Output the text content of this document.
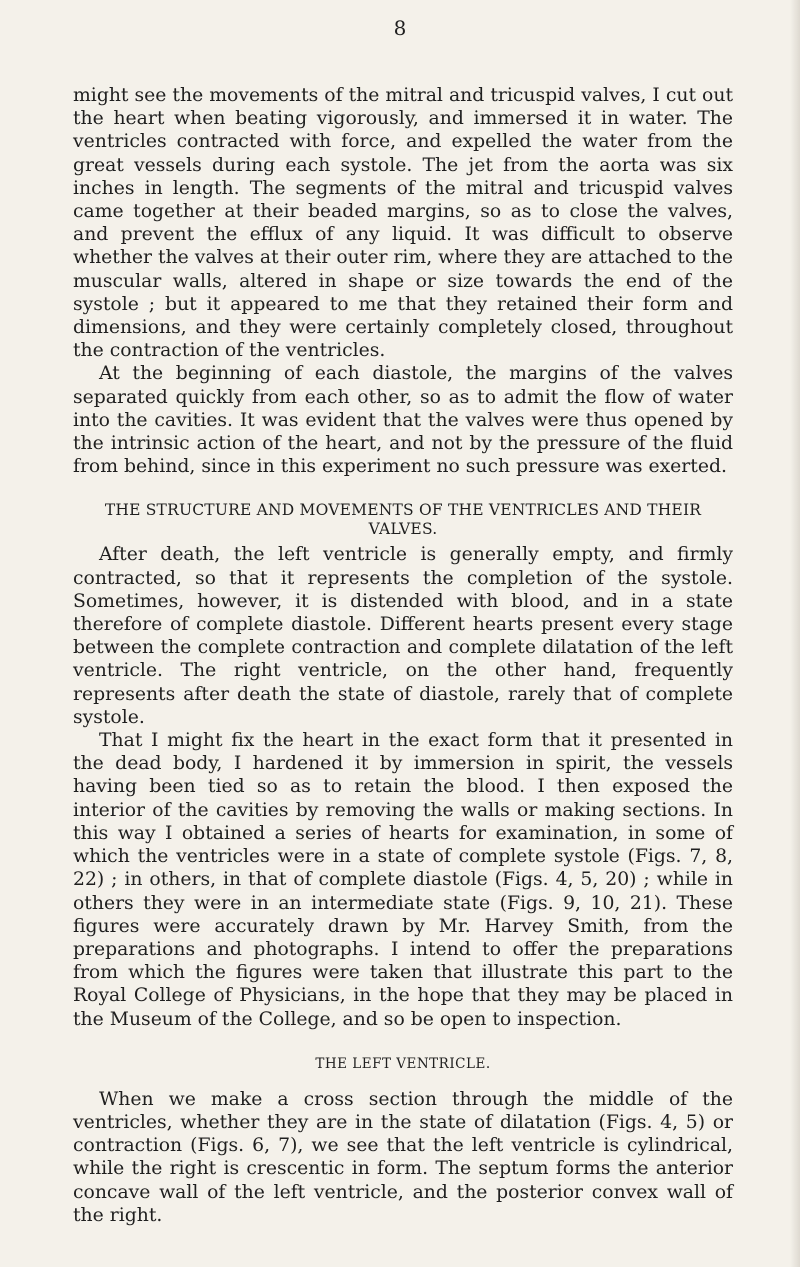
8

might see the movements of the mitral and tricuspid valves, I cut out the heart when beating vigorously, and immersed it in water. The ventricles contracted with force, and expelled the water from the great vessels during each systole. The jet from the aorta was six inches in length. The segments of the mitral and tricuspid valves came together at their beaded margins, so as to close the valves, and prevent the efflux of any liquid. It was difficult to observe whether the valves at their outer rim, where they are attached to the muscular walls, altered in shape or size towards the end of the systole ; but it appeared to me that they retained their form and dimensions, and they were certainly completely closed, throughout the contraction of the ventricles.

At the beginning of each diastole, the margins of the valves separated quickly from each other, so as to admit the flow of water into the cavities. It was evident that the valves were thus opened by the intrinsic action of the heart, and not by the pressure of the fluid from behind, since in this experiment no such pressure was exerted.

THE STRUCTURE AND MOVEMENTS OF THE VENTRICLES AND THEIR VALVES.

After death, the left ventricle is generally empty, and firmly contracted, so that it represents the completion of the systole. Sometimes, however, it is distended with blood, and in a state therefore of complete diastole. Different hearts present every stage between the complete contraction and complete dilatation of the left ventricle. The right ventricle, on the other hand, frequently represents after death the state of diastole, rarely that of complete systole.

That I might fix the heart in the exact form that it presented in the dead body, I hardened it by immersion in spirit, the vessels having been tied so as to retain the blood. I then exposed the interior of the cavities by removing the walls or making sections. In this way I obtained a series of hearts for examination, in some of which the ventricles were in a state of complete systole (Figs. 7, 8, 22) ; in others, in that of complete diastole (Figs. 4, 5, 20) ; while in others they were in an intermediate state (Figs. 9, 10, 21). These figures were accurately drawn by Mr. Harvey Smith, from the preparations and photographs. I intend to offer the preparations from which the figures were taken that illustrate this part to the Royal College of Physicians, in the hope that they may be placed in the Museum of the College, and so be open to inspection.

THE LEFT VENTRICLE.

When we make a cross section through the middle of the ventricles, whether they are in the state of dilatation (Figs. 4, 5) or contraction (Figs. 6, 7), we see that the left ventricle is cylindrical, while the right is crescentic in form. The septum forms the anterior concave wall of the left ventricle, and the posterior convex wall of the right.
